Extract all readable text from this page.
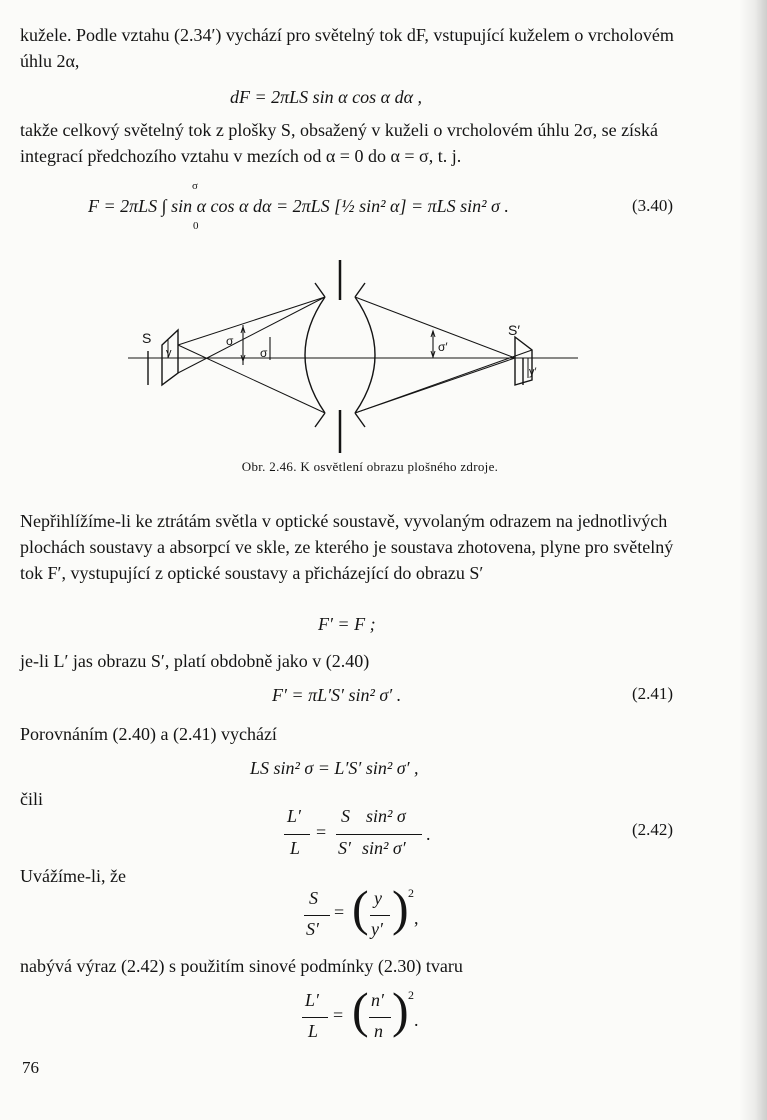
kužele. Podle vztahu (2.34′) vychází pro světelný tok dF, vstupující kuželem o vrcholovém úhlu 2α,

dF = 2πLS sin α cos α dα ,

takže celkový světelný tok z plošky S, obsažený v kuželi o vrcholovém úhlu 2σ, se získá integrací předchozího vztahu v mezích od α = 0 do α = σ, t. j.

F = 2πLS ∫ sin α cos α dα = 2πLS [½ sin² α] = πLS sin² σ .
σ
0
(3.40)
S
y
σ
σ
S′
y′
σ′
Obr. 2.46. K osvětlení obrazu plošného zdroje.

Nepřihlížíme-li ke ztrátám světla v optické soustavě, vyvolaným odrazem na jednotlivých plochách soustavy a absorpcí ve skle, ze kterého je soustava zhotovena, plyne pro světelný tok F′, vystupující z optické soustavy a přicházející do obrazu S′

F′ = F ;
je-li L′ jas obrazu S′, platí obdobně jako v (2.40)
F′ = πL′S′ sin² σ′ .	(2.41)
Porovnáním (2.40) a (2.41) vychází
LS sin² σ = L′S′ sin² σ′ ,
čili
L′
L
=
S
S′
sin² σ
sin² σ′
.	(2.42)
Uvážíme-li, že
S
S′
= ( y
y′ ) 2
,
nabývá výraz (2.42) s použitím sinové podmínky (2.30) tvaru
L′
L
= ( n′
n ) 2
.
76
